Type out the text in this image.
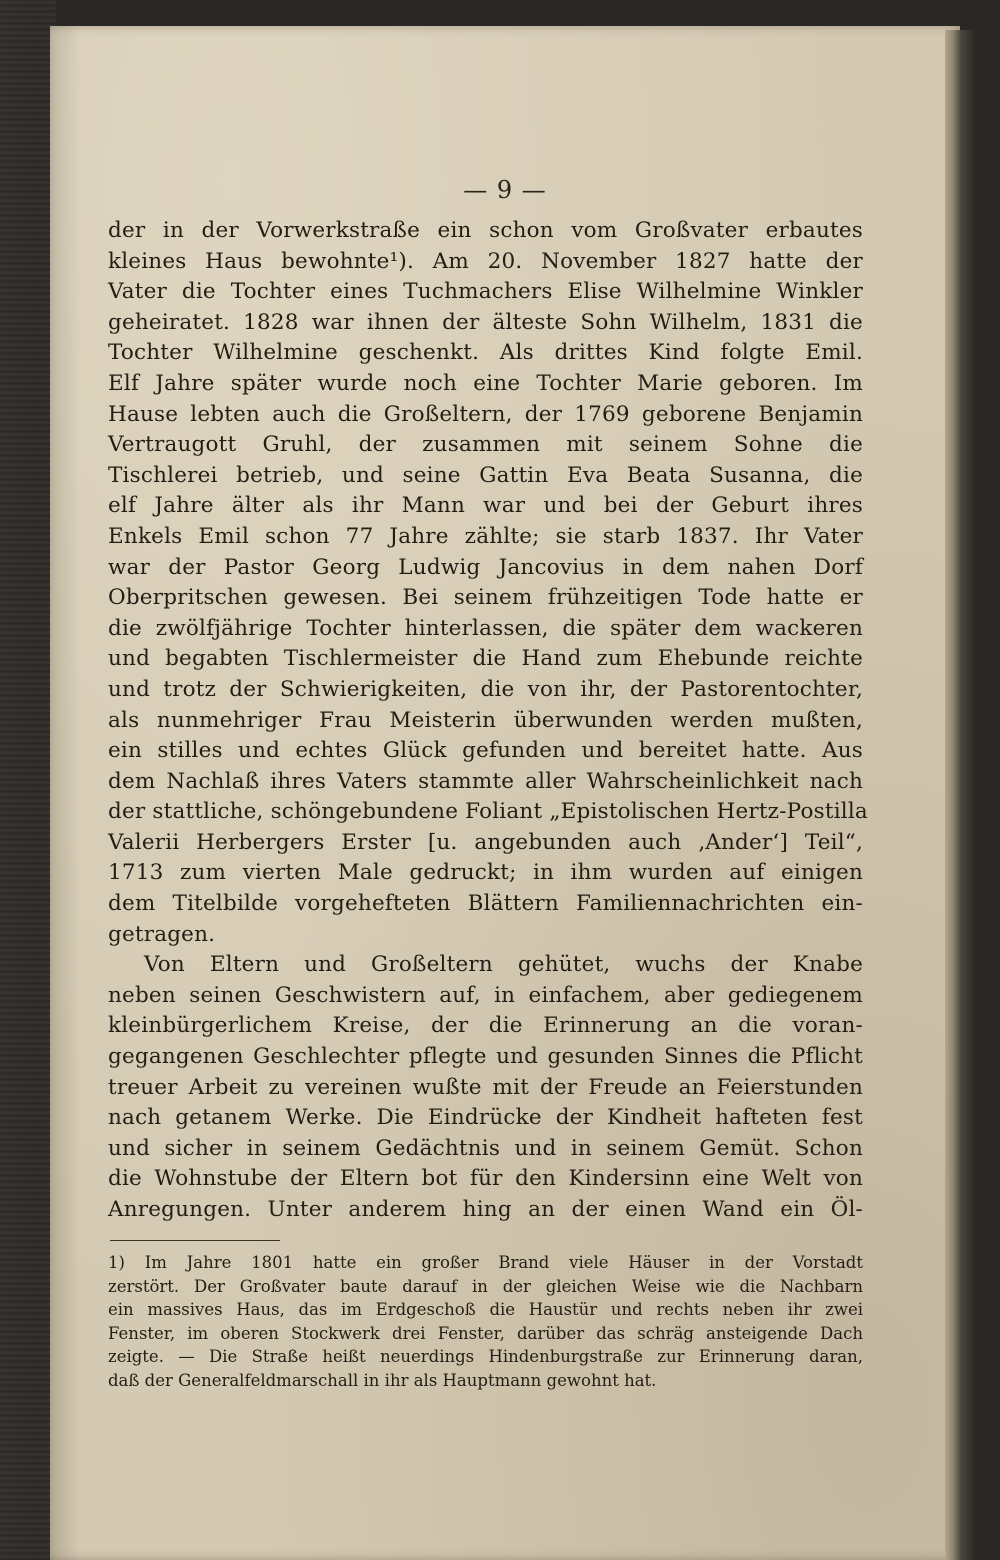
— 9 —
der in der Vorwerkstraße ein schon vom Großvater erbautes
kleines Haus bewohnte¹). Am 20. November 1827 hatte der
Vater die Tochter eines Tuchmachers Elise Wilhelmine Winkler
geheiratet. 1828 war ihnen der älteste Sohn Wilhelm, 1831 die
Tochter Wilhelmine geschenkt. Als drittes Kind folgte Emil.
Elf Jahre später wurde noch eine Tochter Marie geboren. Im
Hause lebten auch die Großeltern, der 1769 geborene Benjamin
Vertraugott Gruhl, der zusammen mit seinem Sohne die
Tischlerei betrieb, und seine Gattin Eva Beata Susanna, die
elf Jahre älter als ihr Mann war und bei der Geburt ihres
Enkels Emil schon 77 Jahre zählte; sie starb 1837. Ihr Vater
war der Pastor Georg Ludwig Jancovius in dem nahen Dorf
Oberpritschen gewesen. Bei seinem frühzeitigen Tode hatte er
die zwölfjährige Tochter hinterlassen, die später dem wackeren
und begabten Tischlermeister die Hand zum Ehebunde reichte
und trotz der Schwierigkeiten, die von ihr, der Pastorentochter,
als nunmehriger Frau Meisterin überwunden werden mußten,
ein stilles und echtes Glück gefunden und bereitet hatte. Aus
dem Nachlaß ihres Vaters stammte aller Wahrscheinlichkeit nach
der stattliche, schöngebundene Foliant „Epistolischen Hertz-Postilla
Valerii Herbergers Erster [u. angebunden auch ‚Ander‘] Teil“,
1713 zum vierten Male gedruckt; in ihm wurden auf einigen
dem Titelbilde vorgehefteten Blättern Familiennachrichten ein-
getragen.
Von Eltern und Großeltern gehütet, wuchs der Knabe
neben seinen Geschwistern auf, in einfachem, aber gediegenem
kleinbürgerlichem Kreise, der die Erinnerung an die voran-
gegangenen Geschlechter pflegte und gesunden Sinnes die Pflicht
treuer Arbeit zu vereinen wußte mit der Freude an Feierstunden
nach getanem Werke. Die Eindrücke der Kindheit hafteten fest
und sicher in seinem Gedächtnis und in seinem Gemüt. Schon
die Wohnstube der Eltern bot für den Kindersinn eine Welt von
Anregungen. Unter anderem hing an der einen Wand ein Öl-
1) Im Jahre 1801 hatte ein großer Brand viele Häuser in der Vorstadt
zerstört. Der Großvater baute darauf in der gleichen Weise wie die Nachbarn
ein massives Haus, das im Erdgeschoß die Haustür und rechts neben ihr zwei
Fenster, im oberen Stockwerk drei Fenster, darüber das schräg ansteigende Dach
zeigte. — Die Straße heißt neuerdings Hindenburgstraße zur Erinnerung daran,
daß der Generalfeldmarschall in ihr als Hauptmann gewohnt hat.
